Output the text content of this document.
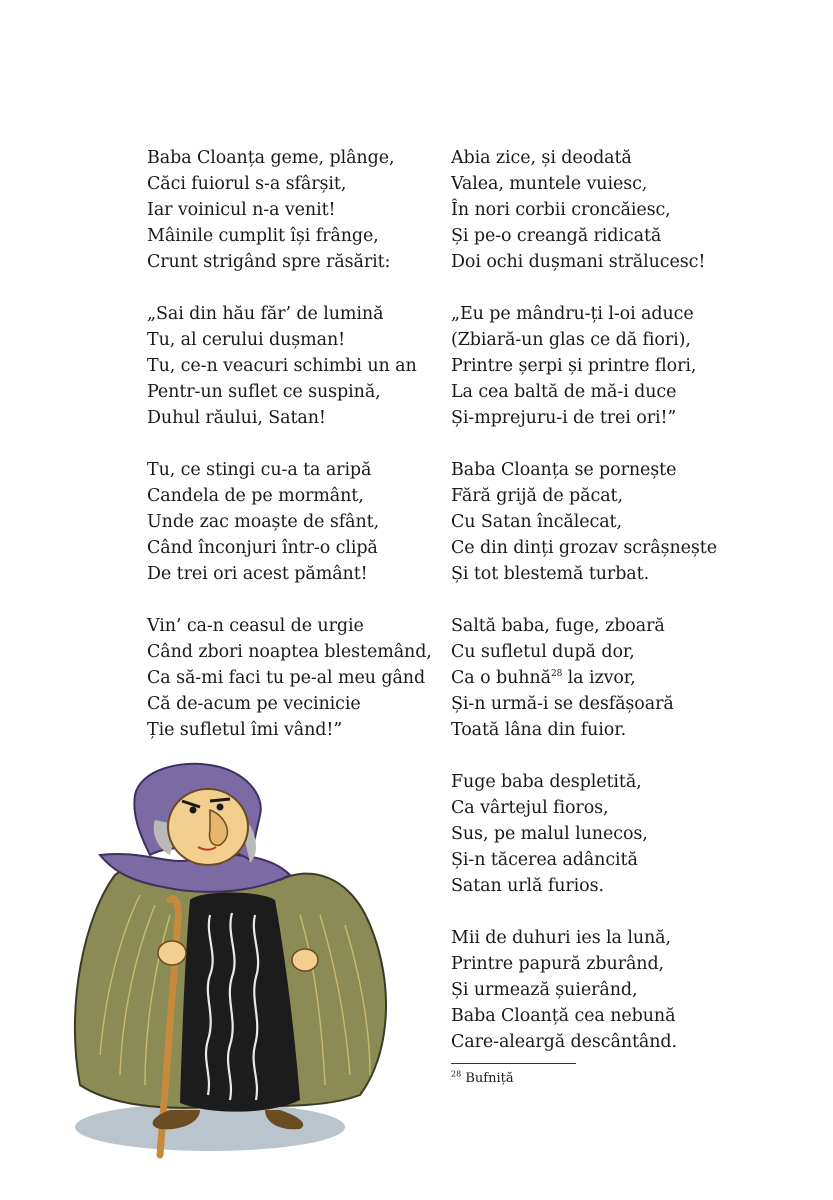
Baba Cloanța geme, plânge,
Căci fuiorul s-a sfârșit,
Iar voinicul n-a venit!
Mâinile cumplit își frânge,
Crunt strigând spre răsărit:
„Sai din hău făr’ de lumină
Tu, al cerului dușman!
Tu, ce-n veacuri schimbi un an
Pentr-un suflet ce suspină,
Duhul răului, Satan!
Tu, ce stingi cu-a ta aripă
Candela de pe mormânt,
Unde zac moaște de sfânt,
Când înconjuri într-o clipă
De trei ori acest pământ!
Vin’ ca-n ceasul de urgie
Când zbori noaptea blestemând,
Ca să-mi faci tu pe-al meu gând
Că de-acum pe vecinicie
Ție sufletul îmi vând!”
Abia zice, și deodată
Valea, muntele vuiesc,
În nori corbii croncăiesc,
Și pe-o creangă ridicată
Doi ochi dușmani strălucesc!
„Eu pe mândru-ți l-oi aduce
(Zbiară-un glas ce dă fiori),
Printre șerpi și printre flori,
La cea baltă de mă-i duce
Și-mprejuru-i de trei ori!”
Baba Cloanța se pornește
Fără grijă de păcat,
Cu Satan încălecat,
Ce din dinți grozav scrâșnește
Și tot blestemă turbat.
Saltă baba, fuge, zboară
Cu sufletul după dor,
Ca o buhnă$^{28}$ la izvor,
Și-n urmă-i se desfășoară
Toată lâna din fuior.
Fuge baba despletită,
Ca vârtejul fioros,
Sus, pe malul lunecos,
Și-n tăcerea adâncită
Satan urlă furios.
Mii de duhuri ies la lună,
Printre papură zburând,
Și urmează șuierând,
Baba Cloanță cea nebună
Care-aleargă descântând.
$^{28}$ Bufniță
